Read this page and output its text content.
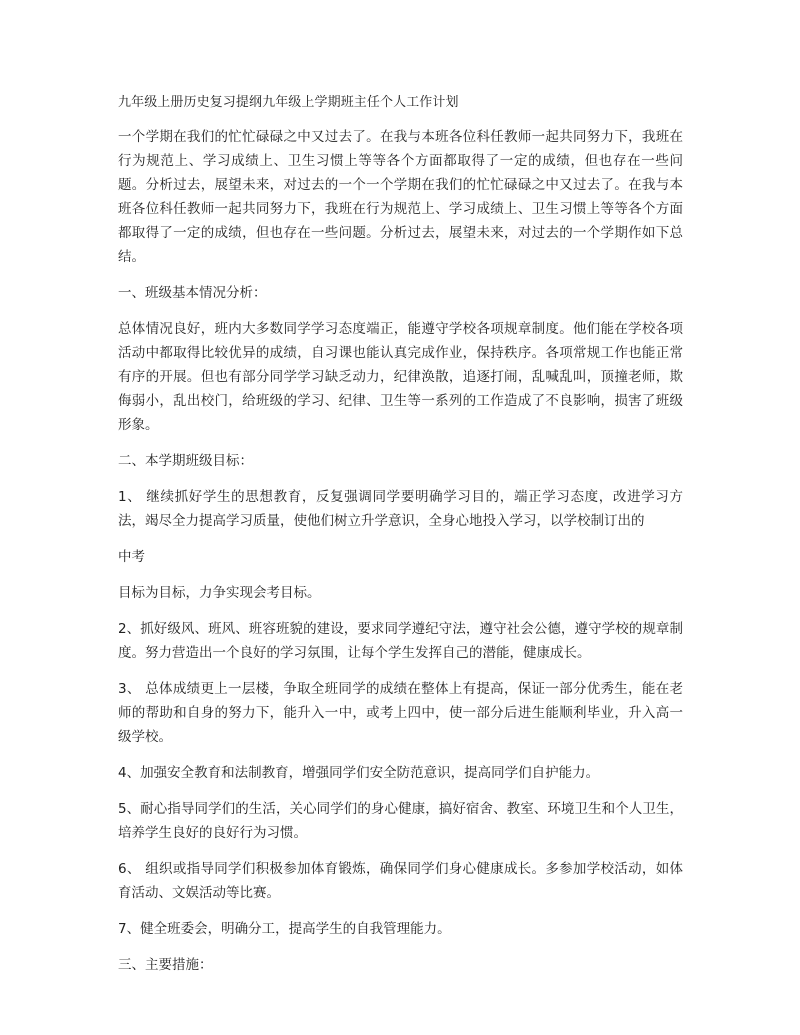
九年级上册历史复习提纲九年级上学期班主任个人工作计划

一个学期在我们的忙忙碌碌之中又过去了。在我与本班各位科任教师一起共同努力下，我班在行为规范上、学习成绩上、卫生习惯上等等各个方面都取得了一定的成绩，但也存在一些问题。分析过去，展望未来，对过去的一个一个学期在我们的忙忙碌碌之中又过去了。在我与本班各位科任教师一起共同努力下，我班在行为规范上、学习成绩上、卫生习惯上等等各个方面都取得了一定的成绩，但也存在一些问题。分析过去，展望未来，对过去的一个学期作如下总结。

一、班级基本情况分析：

总体情况良好，班内大多数同学学习态度端正，能遵守学校各项规章制度。他们能在学校各项活动中都取得比较优异的成绩，自习课也能认真完成作业，保持秩序。各项常规工作也能正常有序的开展。但也有部分同学学习缺乏动力，纪律涣散，追逐打闹，乱喊乱叫，顶撞老师，欺侮弱小，乱出校门，给班级的学习、纪律、卫生等一系列的工作造成了不良影响，损害了班级形象。

二、本学期班级目标：

1、 继续抓好学生的思想教育，反复强调同学要明确学习目的，端正学习态度，改进学习方法，竭尽全力提高学习质量，使他们树立升学意识，全身心地投入学习，以学校制订出的

中考

目标为目标，力争实现会考目标。

2、抓好级风、班风、班容班貌的建设，要求同学遵纪守法，遵守社会公德，遵守学校的规章制度。努力营造出一个良好的学习氛围，让每个学生发挥自己的潜能，健康成长。

3、 总体成绩更上一层楼，争取全班同学的成绩在整体上有提高，保证一部分优秀生，能在老师的帮助和自身的努力下，能升入一中，或考上四中，使一部分后进生能顺利毕业，升入高一级学校。

4、加强安全教育和法制教育，增强同学们安全防范意识，提高同学们自护能力。

5、耐心指导同学们的生活，关心同学们的身心健康，搞好宿舍、教室、环境卫生和个人卫生，培养学生良好的良好行为习惯。

6、 组织或指导同学们积极参加体育锻炼，确保同学们身心健康成长。多参加学校活动，如体育活动、文娱活动等比赛。

7、健全班委会，明确分工，提高学生的自我管理能力。

三、主要措施：
